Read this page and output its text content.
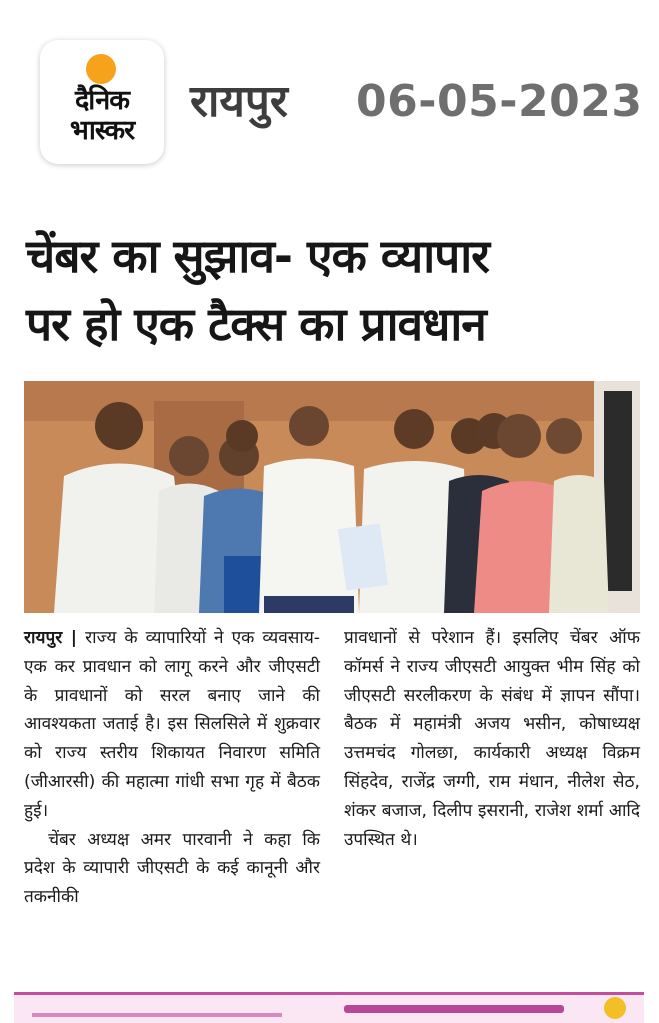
दैनिक
भास्कर
रायपुर 06-05-2023
चेंबर का सुझाव- एक व्यापार
पर हो एक टैक्स का प्रावधान

रायपुर | राज्य के व्यापारियों ने एक व्यवसाय-एक कर प्रावधान को लागू करने और जीएसटी के प्रावधानों को सरल बनाए जाने की आवश्यकता जताई है। इस सिलसिले में शुक्रवार को राज्य स्तरीय शिकायत निवारण समिति (जीआरसी) की महात्मा गांधी सभा गृह में बैठक हुई।

चेंबर अध्यक्ष अमर पारवानी ने कहा कि प्रदेश के व्यापारी जीएसटी के कई कानूनी और तकनीकी

प्रावधानों से परेशान हैं। इसलिए चेंबर ऑफ कॉमर्स ने राज्य जीएसटी आयुक्त भीम सिंह को जीएसटी सरलीकरण के संबंध में ज्ञापन सौंपा। बैठक में महामंत्री अजय भसीन, कोषाध्यक्ष उत्तमचंद गोलछा, कार्यकारी अध्यक्ष विक्रम सिंहदेव, राजेंद्र जग्गी, राम मंधान, नीलेश सेठ, शंकर बजाज, दिलीप इसरानी, राजेश शर्मा आदि उपस्थित थे।
